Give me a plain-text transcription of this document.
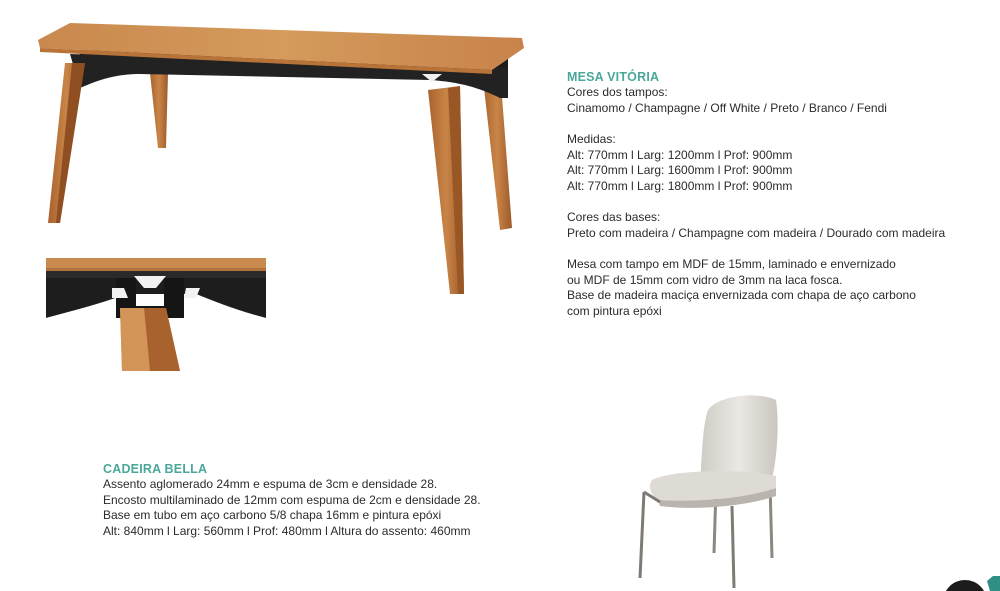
MESA VITÓRIA
Cores dos tampos:
Cinamomo / Champagne / Off White / Preto / Branco / Fendi
Medidas:
Alt: 770mm l Larg: 1200mm l Prof: 900mm
Alt: 770mm l Larg: 1600mm l Prof: 900mm
Alt: 770mm l Larg: 1800mm l Prof: 900mm
Cores das bases:
Preto com madeira / Champagne com madeira / Dourado com madeira
Mesa com tampo em MDF de 15mm, laminado e envernizado
ou MDF de 15mm com vidro de 3mm na laca fosca.
Base de madeira maciça envernizada com chapa de aço carbono
com pintura epóxi
CADEIRA BELLA
Assento aglomerado 24mm e espuma de 3cm e densidade 28.
Encosto multilaminado de 12mm com espuma de 2cm e densidade 28.
Base em tubo em aço carbono 5/8 chapa 16mm e pintura epóxi
Alt: 840mm l Larg: 560mm l Prof: 480mm l Altura do assento: 460mm
